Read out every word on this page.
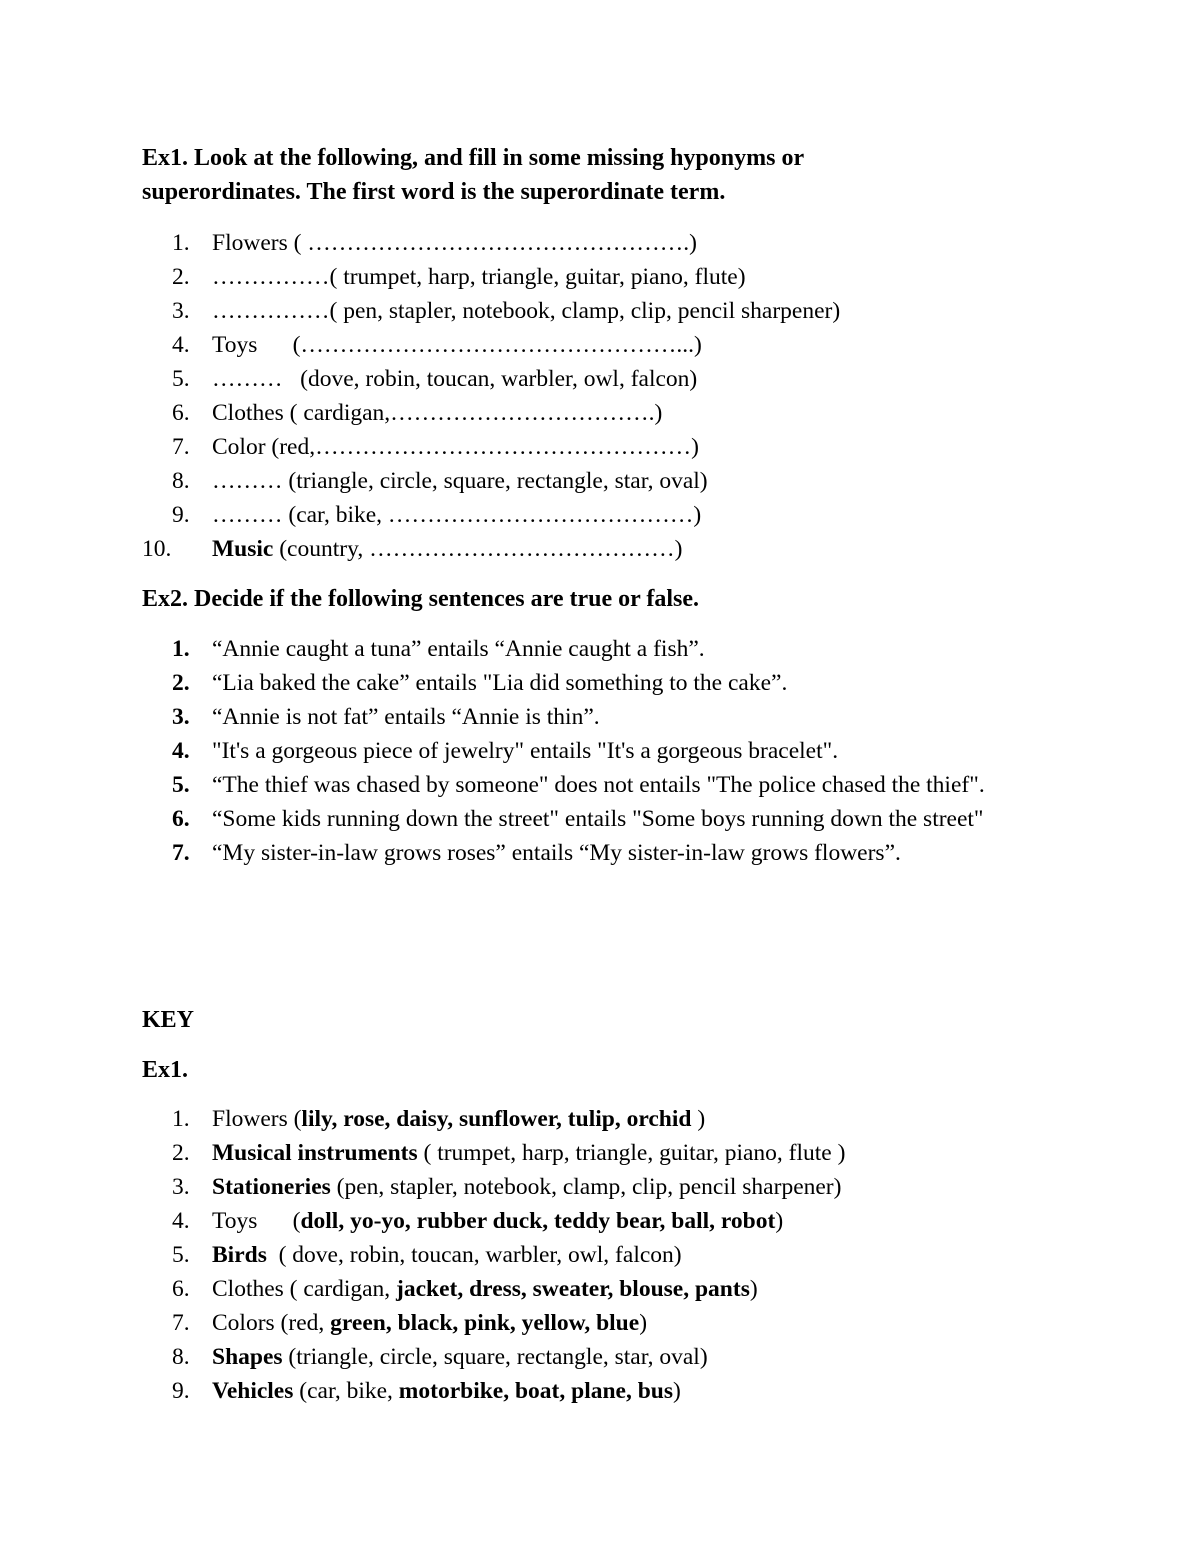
Ex1. Look at the following, and fill in some missing hyponyms or
superordinates. The first word is the superordinate term.
1. Flowers ( ………………………………………….)
2. ……………( trumpet, harp, triangle, guitar, piano, flute)
3. ……………( pen, stapler, notebook, clamp, clip, pencil sharpener)
4. Toys      (…………………………………………...)
5. ………   (dove, robin, toucan, warbler, owl, falcon)
6. Clothes ( cardigan,…………………………….)
7. Color (red,…………………………………………)
8. ……… (triangle, circle, square, rectangle, star, oval)
9. ……… (car, bike, …………………………………)
10. Music (country, …………………………………)
Ex2. Decide if the following sentences are true or false.
1. “Annie caught a tuna” entails “Annie caught a fish”.
2. “Lia baked the cake” entails "Lia did something to the cake”.
3. “Annie is not fat” entails “Annie is thin”.
4. "It's a gorgeous piece of jewelry" entails "It's a gorgeous bracelet".
5. “The thief was chased by someone" does not entails "The police chased the thief".
6. “Some kids running down the street" entails "Some boys running down the street"
7. “My sister-in-law grows roses” entails “My sister-in-law grows flowers”.
KEY
Ex1.
1. Flowers (lily, rose, daisy, sunflower, tulip, orchid )
2. Musical instruments ( trumpet, harp, triangle, guitar, piano, flute )
3. Stationeries (pen, stapler, notebook, clamp, clip, pencil sharpener)
4. Toys      (doll, yo-yo, rubber duck, teddy bear, ball, robot)
5. Birds  ( dove, robin, toucan, warbler, owl, falcon)
6. Clothes ( cardigan, jacket, dress, sweater, blouse, pants)
7. Colors (red, green, black, pink, yellow, blue)
8. Shapes (triangle, circle, square, rectangle, star, oval)
9. Vehicles (car, bike, motorbike, boat, plane, bus)
